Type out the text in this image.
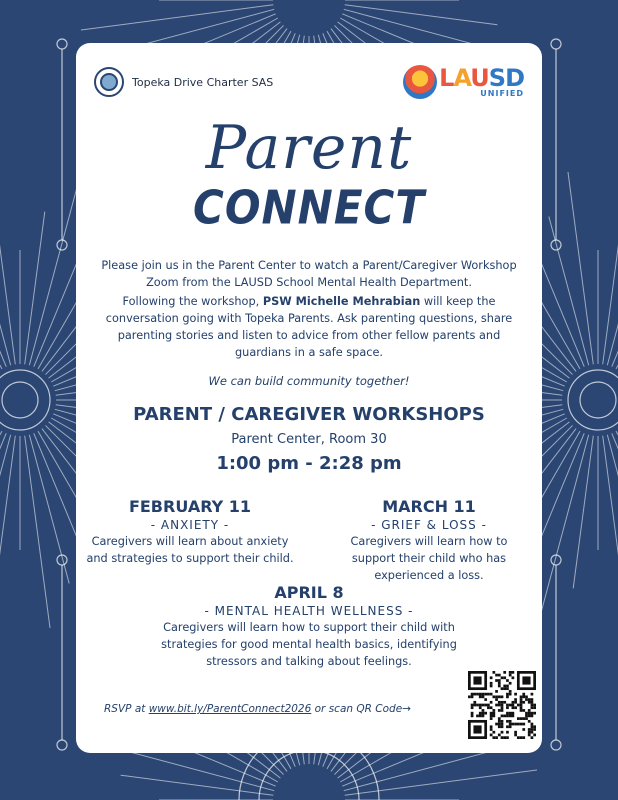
Topeka Drive Charter SAS	LAUSD
UNIFIED
Parent
CONNECT

Please join us in the Parent Center to watch a Parent/Caregiver Workshop Zoom from the LAUSD School Mental Health Department.

Following the workshop, PSW Michelle Mehrabian will keep the conversation going with Topeka Parents. Ask parenting questions, share parenting stories and listen to advice from other fellow parents and guardians in a safe space.

We can build community together!
PARENT / CAREGIVER WORKSHOPS
Parent Center, Room 30
1:00 pm - 2:28 pm
FEBRUARY 11
- ANXIETY -
Caregivers will learn about anxiety and strategies to support their child.
MARCH 11
- GRIEF & LOSS -
Caregivers will learn how to support their child who has experienced a loss.
APRIL 8
- MENTAL HEALTH WELLNESS -
Caregivers will learn how to support their child with strategies for good mental health basics, identifying stressors and talking about feelings.
RSVP at www.bit.ly/ParentConnect2026 or scan QR Code→
